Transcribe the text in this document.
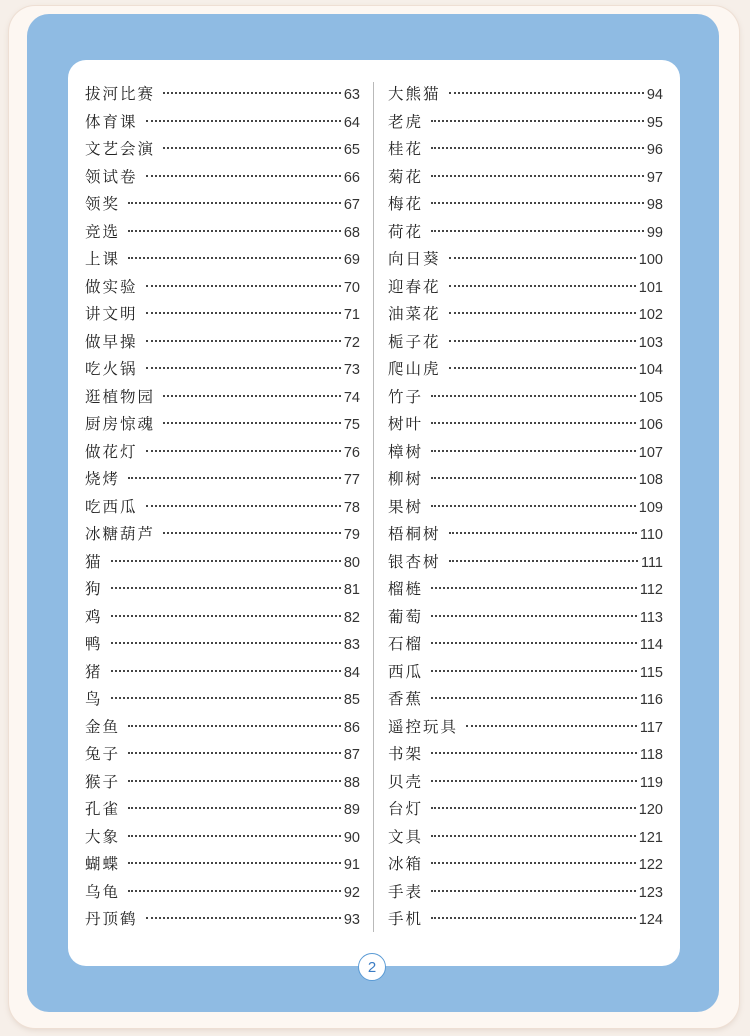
拔河比赛	63
体育课	64
文艺会演	65
领试卷	66
领奖	67
竞选	68
上课	69
做实验	70
讲文明	71
做早操	72
吃火锅	73
逛植物园	74
厨房惊魂	75
做花灯	76
烧烤	77
吃西瓜	78
冰糖葫芦	79
猫	80
狗	81
鸡	82
鸭	83
猪	84
鸟	85
金鱼	86
兔子	87
猴子	88
孔雀	89
大象	90
蝴蝶	91
乌龟	92
丹顶鹤	93
大熊猫	94
老虎	95
桂花	96
菊花	97
梅花	98
荷花	99
向日葵	100
迎春花	101
油菜花	102
栀子花	103
爬山虎	104
竹子	105
树叶	106
樟树	107
柳树	108
果树	109
梧桐树	110
银杏树	111
榴梿	112
葡萄	113
石榴	114
西瓜	115
香蕉	116
遥控玩具	117
书架	118
贝壳	119
台灯	120
文具	121
冰箱	122
手表	123
手机	124
2
